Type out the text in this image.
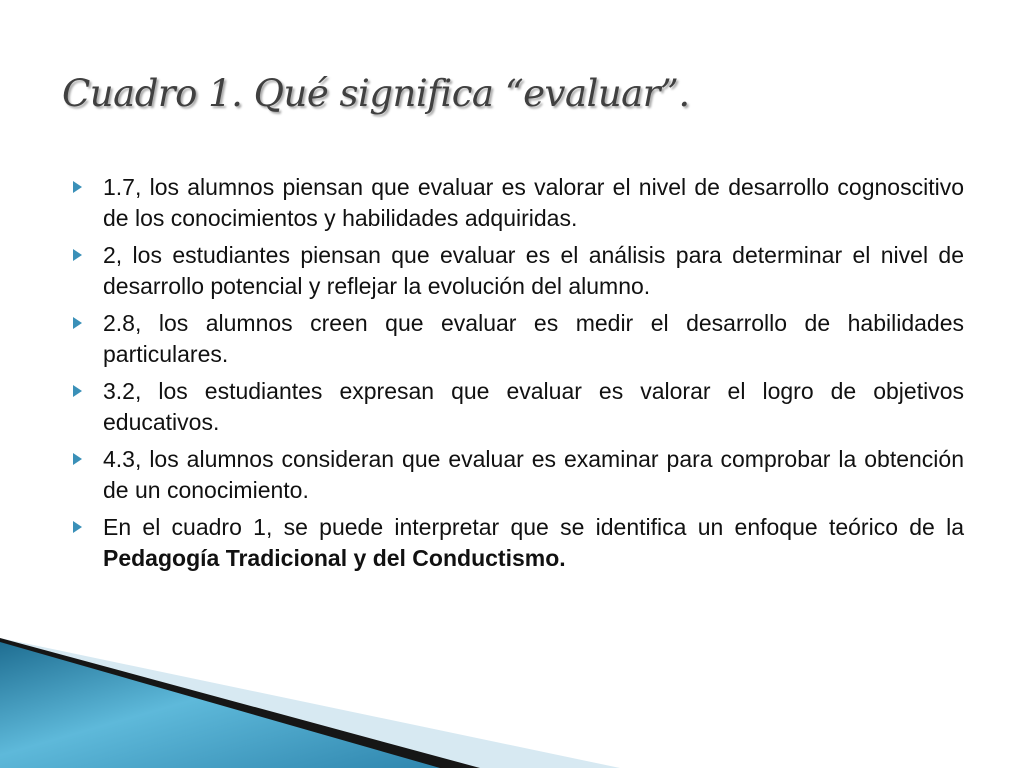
Cuadro 1. Qué significa “evaluar”.
1.7, los alumnos piensan que evaluar es valorar el nivel de desarrollo cognoscitivo de los conocimientos y habilidades adquiridas.
2, los estudiantes piensan que evaluar es el análisis para determinar el nivel de desarrollo potencial y reflejar la evolución del alumno.
2.8, los alumnos creen que evaluar es medir el desarrollo de habilidades particulares.
3.2, los estudiantes expresan que evaluar es valorar el logro de objetivos educativos.
4.3, los alumnos consideran que evaluar es examinar para comprobar la obtención de un conocimiento.
En el cuadro 1, se puede interpretar que se identifica un enfoque teórico de la Pedagogía Tradicional y del Conductismo.
